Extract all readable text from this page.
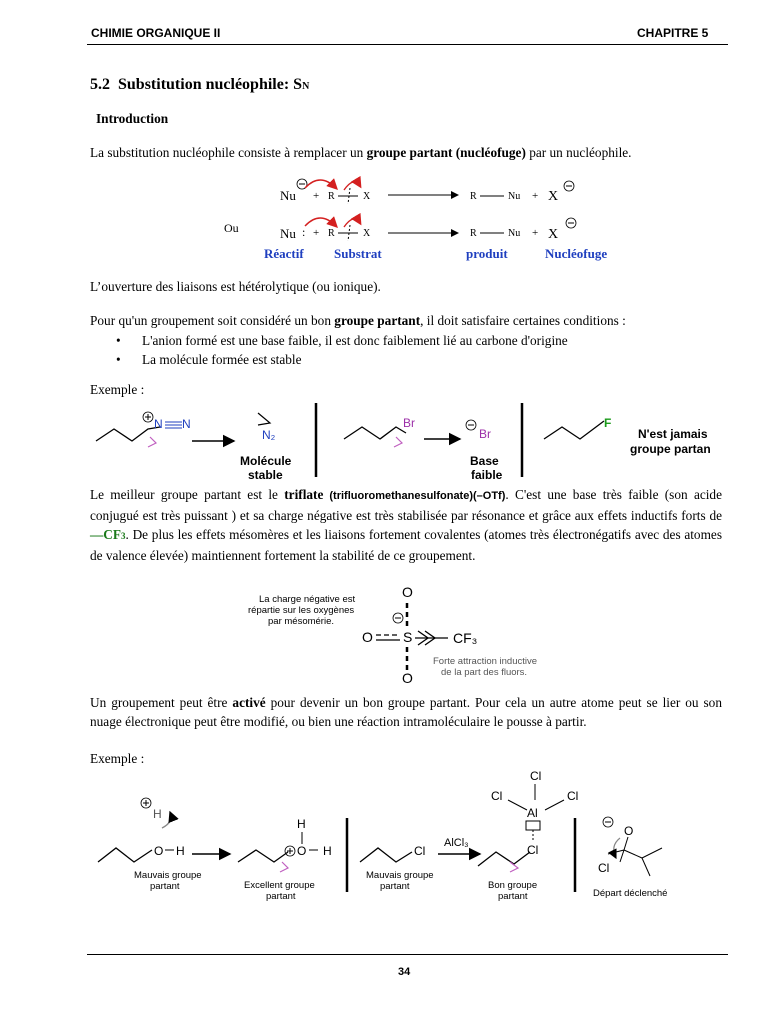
CHIMIE ORGANIQUE II	CHAPITRE 5
5.2 Substitution nucléophile: SN
Introduction
La substitution nucléophile consiste à remplacer un groupe partant (nucléofuge) par un nucléophile.
Nu + R	X	R	Nu + X
Ou	Nu : + R	X	R	Nu + X
Réactif Substrat	produit	Nucléofuge
L’ouverture des liaisons est hétérolytique (ou ionique).
Pour qu'un groupement soit considéré un bon groupe partant, il doit satisfaire certaines conditions :
• L'anion formé est une base faible, il est donc faiblement lié au carbone d'origine
• La molécule formée est stable
Exemple :
N N
N₂
Molécule
stable
Br
Br
Base
faible
F
N'est jamais
groupe partan
Le meilleur groupe partant est le triflate (trifluoromethanesulfonate)(–OTf). C'est une base très faible (son acide conjugué est très puissant ) et sa charge négative est très stabilisée par résonance et grâce aux effets inductifs forts de —CF3. De plus les effets mésomères et les liaisons fortement covalentes (atomes très électronégatifs avec des atomes de valence élevée) maintiennent fortement la stabilité de ce groupement.
La charge négative est
répartie sur les oxygènes
par mésomérie.
O
O S	CF₃
O
Forte attraction inductive
de la part des fluors.
Un groupement peut être activé pour devenir un bon groupe partant. Pour cela un autre atome peut se lier ou son nuage électronique peut être modifié, ou bien une réaction intramoléculaire le pousse à partir.
Exemple :
H
O H
Mauvais groupe
partant
H
O H
Excellent groupe
partant
Cl
Mauvais groupe
partant
AlCl₃
Cl
Cl	Cl
Al
Cl
Bon groupe
partant
O
Cl
Départ déclenché
34
